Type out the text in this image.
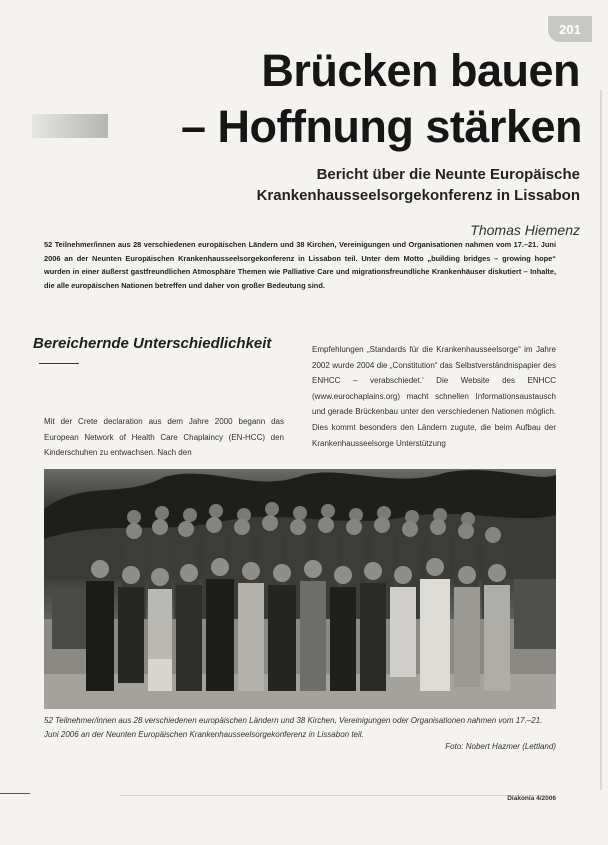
201
Brücken bauen
– Hoffnung stärken
Bericht über die Neunte Europäische Krankenhausseelsorgekonferenz in Lissabon
Thomas Hiemenz

52 Teilnehmer/innen aus 28 verschiedenen europäischen Ländern und 38 Kirchen, Vereinigungen und Organisationen nahmen vom 17.–21. Juni 2006 an der Neunten Europäischen Krankenhausseelsorgekonferenz in Lissabon teil. Unter dem Motto „building bridges – growing hope“ wurden in einer äußerst gastfreundlichen Atmosphäre Themen wie Palliative Care und migrationsfreundliche Krankenhäuser diskutiert – Inhalte, die alle europäischen Nationen betreffen und daher von großer Bedeutung sind.

Bereichernde Unterschiedlichkeit

Mit der Crete declaration aus dem Jahre 2000 begann das European Network of Health Care Chaplaincy (EN-HCC) den Kinderschuhen zu entwachsen. Nach den

Empfehlungen „Standards für die Krankenhausseelsorge“ im Jahre 2002 wurde 2004 die „Constitution“ das Selbstverständnispapier des ENHCC – verabschiedet.' Die Website des ENHCC (www.eurochaplains.org) macht schnellen Informationsaustausch und gerade Brückenbau unter den verschiedenen Nationen möglich. Dies kommt besonders den Ländern zugute, die beim Aufbau der Krankenhausseelsorge Unterstützung

52 Teilnehmer/innen aus 28 verschiedenen europäischen Ländern und 38 Kirchen, Vereinigungen oder Organisationen nahmen vom 17.–21. Juni 2006 an der Neunten Europäischen Krankenhausseelsorgekonferenz in Lissabon teil.

Foto: Nobert Hazmer (Lettland)
Diakonia 4/2006
